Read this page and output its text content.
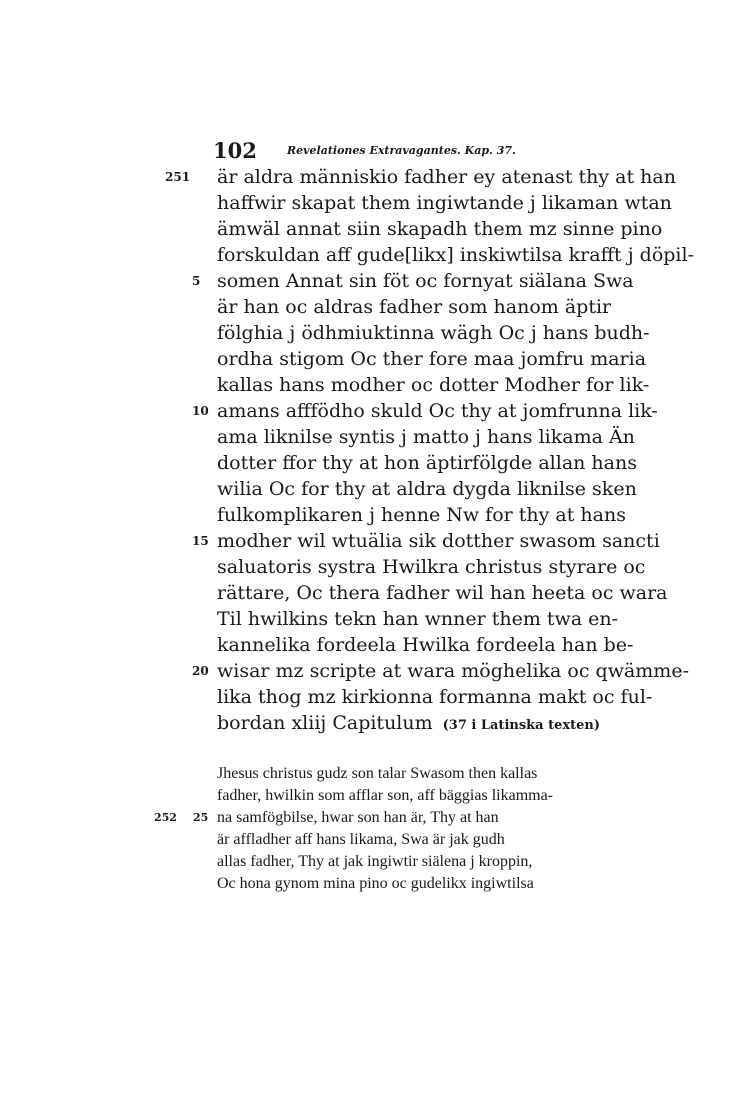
102	Revelationes Extravagantes. Kap. 37.
251 är aldra människio fadher ey atenast thy at han
haffwir skapat them ingiwtande j likaman wtan
ämwäl annat siin skapadh them mz sinne pino
forskuldan aff gude[likx] inskiwtilsa krafft j döpil-
5 somen Annat sin föt oc fornyat siälana Swa
är han oc aldras fadher som hanom äptir
fölghia j ödhmiuktinna wägh Oc j hans budh-
ordha stigom Oc ther fore maa jomfru maria
kallas hans modher oc dotter Modher for lik-
10 amans afffödho skuld Oc thy at jomfrunna lik-
ama liknilse syntis j matto j hans likama Än
dotter ffor thy at hon äptirfölgde allan hans
wilia Oc for thy at aldra dygda liknilse sken
fulkomplikaren j henne Nw for thy at hans
15 modher wil wtuälia sik dotther swasom sancti
saluatoris systra Hwilkra christus styrare oc
rättare, Oc thera fadher wil han heeta oc wara
Til hwilkins tekn han wnner them twa en-
kannelika fordeela Hwilka fordeela han be-
20 wisar mz scripte at wara möghelika oc qwämme-
lika thog mz kirkionna formanna makt oc ful-
bordan xliij Capitulum (37 i Latinska texten)
Jhesus christus gudz son talar Swasom then kallas
fadher, hwilkin som afflar son, aff bäggias likamma-
252 25 na samfögbilse, hwar son han är, Thy at han
är affladher aff hans likama, Swa är jak gudh
allas fadher, Thy at jak ingiwtir siälena j kroppin,
Oc hona gynom mina pino oc gudelikx ingiwtilsa
